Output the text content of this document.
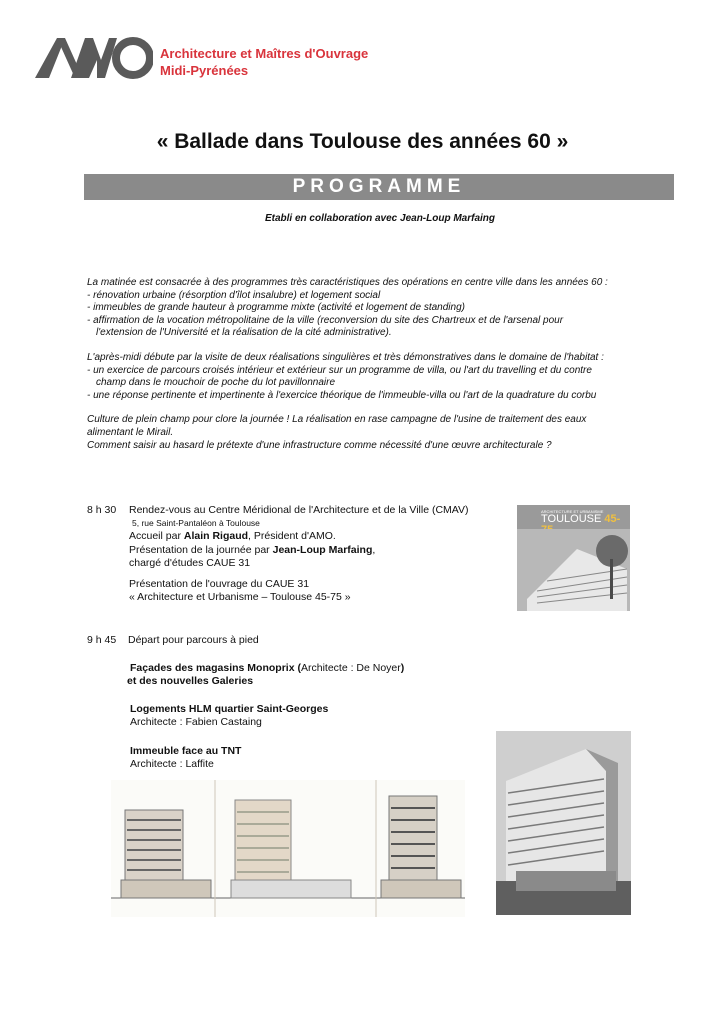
Architecture et Maîtres d'Ouvrage
Midi-Pyrénées
« Ballade dans Toulouse des années 60 »
PROGRAMME
Etabli en collaboration avec Jean-Loup Marfaing

La matinée est consacrée à des programmes très caractéristiques des opérations en centre ville dans les années 60 :

- rénovation urbaine (résorption d'îlot insalubre) et logement social

- immeubles de grande hauteur à programme mixte (activité et logement de standing)

- affirmation de la vocation métropolitaine de la ville (reconversion du site des Chartreux et de l'arsenal pour

l'extension de l'Université et la réalisation de la cité administrative).

L'après-midi débute par la visite de deux réalisations singulières et très démonstratives dans le domaine de l'habitat :

- un exercice de parcours croisés intérieur et extérieur sur un programme de villa, ou l'art du travelling et du contre

champ dans le mouchoir de poche du lot pavillonnaire

- une réponse pertinente et impertinente à l'exercice théorique de l'immeuble-villa ou l'art de la quadrature du corbu

Culture de plein champ pour clore la journée ! La réalisation en rase campagne de l'usine de traitement des eaux

alimentant le Mirail.

Comment saisir au hasard le prétexte d'une infrastructure comme nécessité d'une œuvre architecturale ?

8 h 30 Rendez-vous au Centre Méridional de l'Architecture et de la Ville (CMAV)
5, rue Saint-Pantaléon à Toulouse
Accueil par Alain Rigaud, Président d'AMO.
Présentation de la journée par Jean-Loup Marfaing,
chargé d'études CAUE 31
Présentation de l'ouvrage du CAUE 31
« Architecture et Urbanisme – Toulouse 45-75 »
ARCHITECTURE ET URBANISME
TOULOUSE 45-
9 h 45 Départ pour parcours à pied
Façades des magasins Monoprix (Architecte : De Noyer)
et des nouvelles Galeries
Logements HLM quartier Saint-Georges
Architecte : Fabien Castaing
Immeuble face au TNT
Architecte : Laffite
